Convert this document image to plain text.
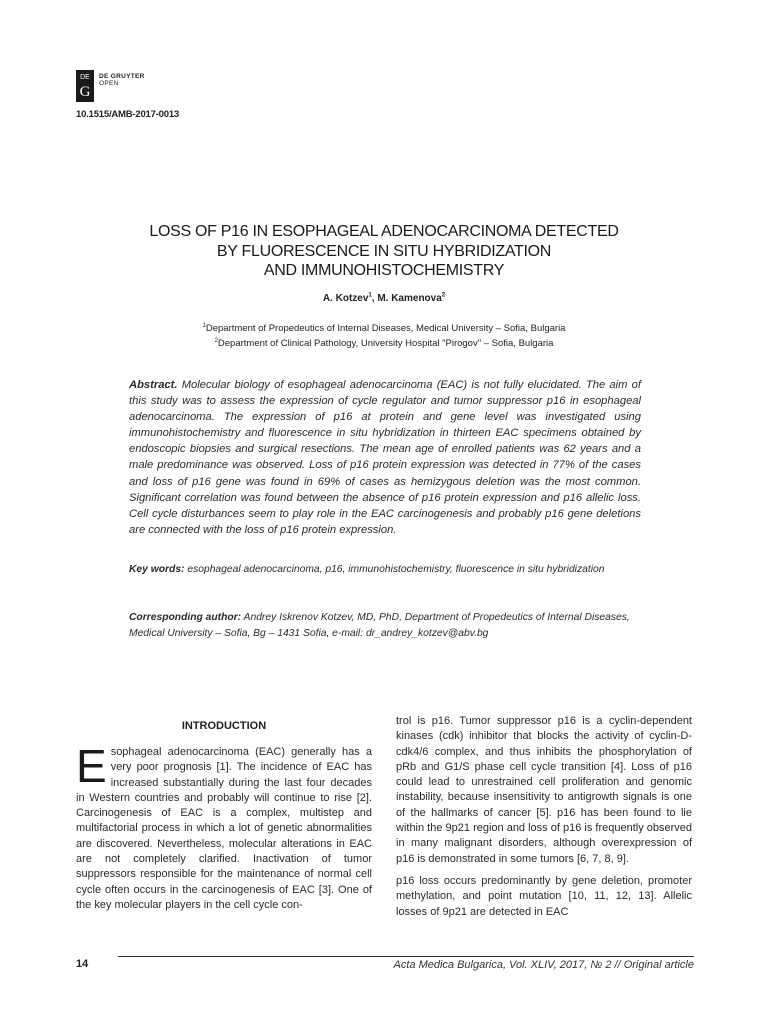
DE
G
DE GRUYTER
OPEN
10.1515/AMB-2017-0013
LOSS OF P16 IN ESOPHAGEAL ADENOCARCINOMA DETECTED
BY FLUORESCENCE IN SITU HYBRIDIZATION
AND IMMUNOHISTOCHEMISTRY
A. Kotzev$^1$, M. Kamenova$^2$
$^1$Department of Propedeutics of Internal Diseases, Medical University – Sofia, Bulgaria
$^2$Department of Clinical Pathology, University Hospital "Pirogov" – Sofia, Bulgaria
Abstract. Molecular biology of esophageal adenocarcinoma (EAC) is not fully elucidated. The aim of this study was to assess the expression of cycle regulator and tumor suppressor p16 in esophageal adenocarcinoma. The expression of p16 at protein and gene level was investigated using immunohistochemistry and fluorescence in situ hybridization in thirteen EAC specimens obtained by endoscopic biopsies and surgical resections. The mean age of enrolled patients was 62 years and a male predominance was observed. Loss of p16 protein expression was detected in 77% of the cases and loss of p16 gene was found in 69% of cases as hemizygous deletion was the most common. Significant correlation was found between the absence of p16 protein expression and p16 allelic loss. Cell cycle disturbances seem to play role in the EAC carcinogenesis and probably p16 gene deletions are connected with the loss of p16 protein expression.
Key words: esophageal adenocarcinoma, p16, immunohistochemistry, fluorescence in situ hybridization
Corresponding author: Andrey Iskrenov Kotzev, MD, PhD, Department of Propedeutics of Internal Diseases, Medical University – Sofia, Bg – 1431 Sofia, e-mail: dr_andrey_kotzev@abv.bg
INTRODUCTION
Esophageal adenocarcinoma (EAC) generally has a very poor prognosis [1]. The incidence of EAC has increased substantially during the last four decades in Western countries and probably will continue to rise [2]. Carcinogenesis of EAC is a complex, multistep and multifactorial process in which a lot of genetic abnormalities are discovered. Nevertheless, molecular alterations in EAC are not completely clarified. Inactivation of tumor suppressors responsible for the maintenance of normal cell cycle often occurs in the carcinogenesis of EAC [3]. One of the key molecular players in the cell cycle con-

trol is p16. Tumor suppressor p16 is a cyclin-dependent kinases (cdk) inhibitor that blocks the activity of cyclin-D-cdk4/6 complex, and thus inhibits the phosphorylation of pRb and G1/S phase cell cycle transition [4]. Loss of p16 could lead to unrestrained cell proliferation and genomic instability, because insensitivity to antigrowth signals is one of the hallmarks of cancer [5]. p16 has been found to lie within the 9p21 region and loss of p16 is frequently observed in many malignant disorders, although overexpression of p16 is demonstrated in some tumors [6, 7, 8, 9].

p16 loss occurs predominantly by gene deletion, promoter methylation, and point mutation [10, 11, 12, 13]. Allelic losses of 9p21 are detected in EAC

14	Acta Medica Bulgarica, Vol. XLIV, 2017, № 2 // Original article
